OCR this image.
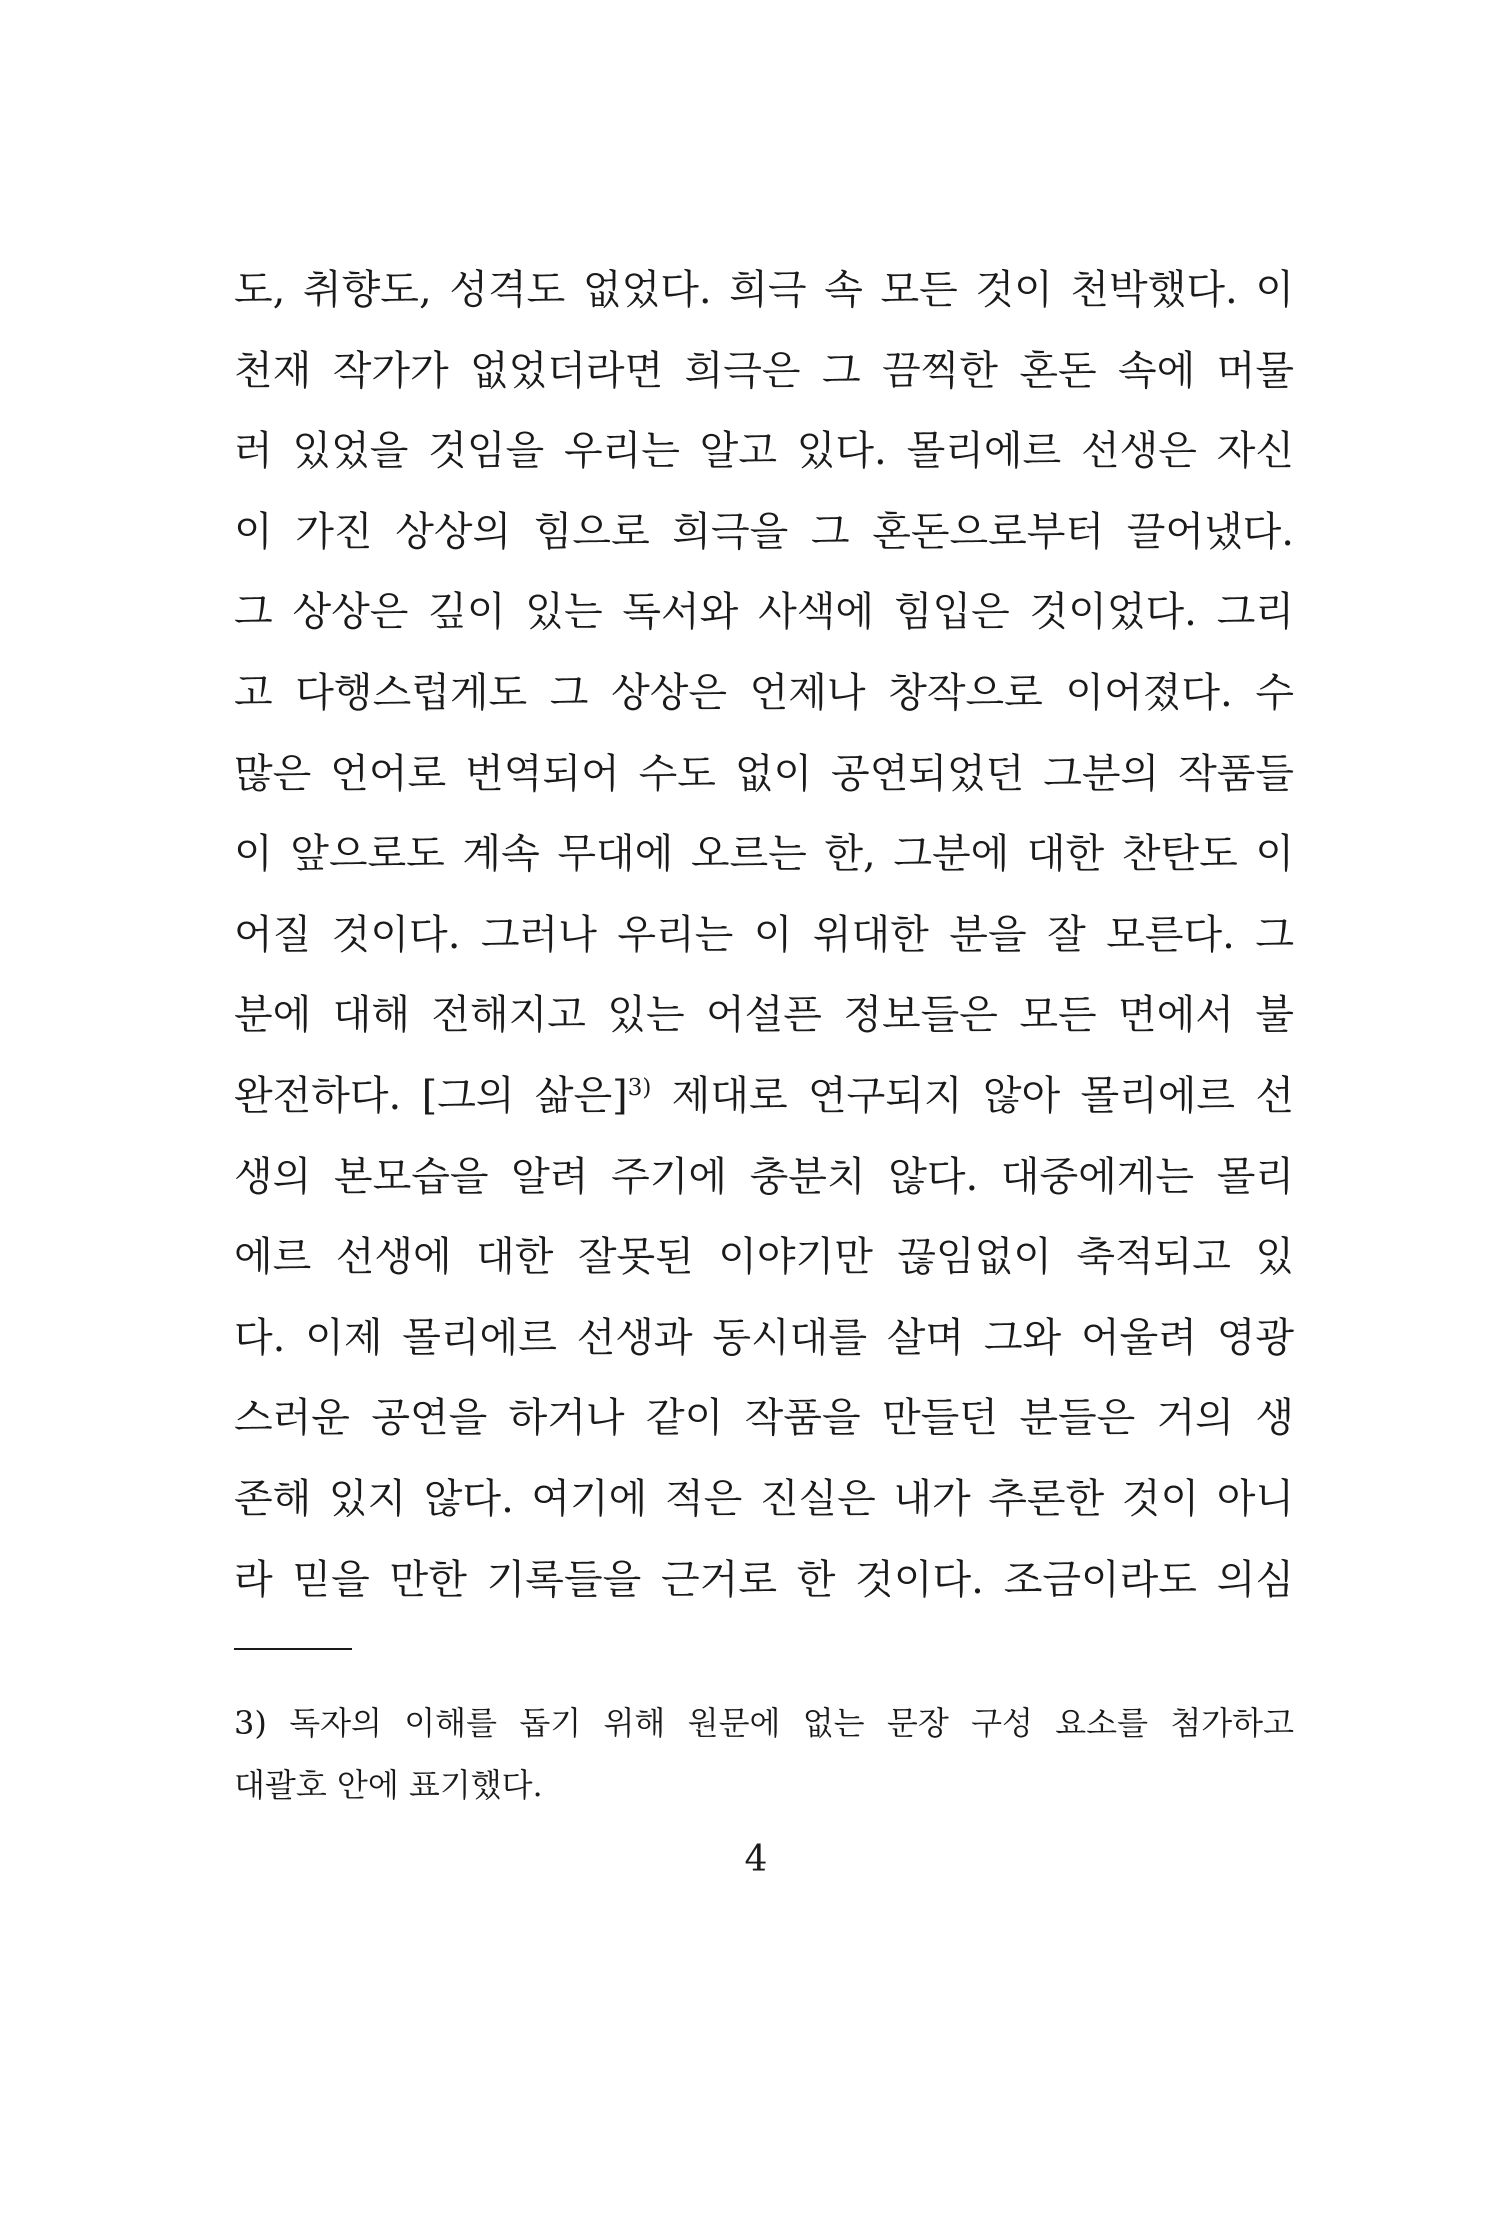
도, 취향도, 성격도 없었다. 희극 속 모든 것이 천박했다. 이
천재 작가가 없었더라면 희극은 그 끔찍한 혼돈 속에 머물
러 있었을 것임을 우리는 알고 있다. 몰리에르 선생은 자신
이 가진 상상의 힘으로 희극을 그 혼돈으로부터 끌어냈다.
그 상상은 깊이 있는 독서와 사색에 힘입은 것이었다. 그리
고 다행스럽게도 그 상상은 언제나 창작으로 이어졌다. 수
많은 언어로 번역되어 수도 없이 공연되었던 그분의 작품들
이 앞으로도 계속 무대에 오르는 한, 그분에 대한 찬탄도 이
어질 것이다. 그러나 우리는 이 위대한 분을 잘 모른다. 그
분에 대해 전해지고 있는 어설픈 정보들은 모든 면에서 불
완전하다. [그의 삶은]$^{3)}$ 제대로 연구되지 않아 몰리에르 선
생의 본모습을 알려 주기에 충분치 않다. 대중에게는 몰리
에르 선생에 대한 잘못된 이야기만 끊임없이 축적되고 있
다. 이제 몰리에르 선생과 동시대를 살며 그와 어울려 영광
스러운 공연을 하거나 같이 작품을 만들던 분들은 거의 생
존해 있지 않다. 여기에 적은 진실은 내가 추론한 것이 아니
라 믿을 만한 기록들을 근거로 한 것이다. 조금이라도 의심
3) 독자의 이해를 돕기 위해 원문에 없는 문장 구성 요소를 첨가하고
대괄호 안에 표기했다.
4
